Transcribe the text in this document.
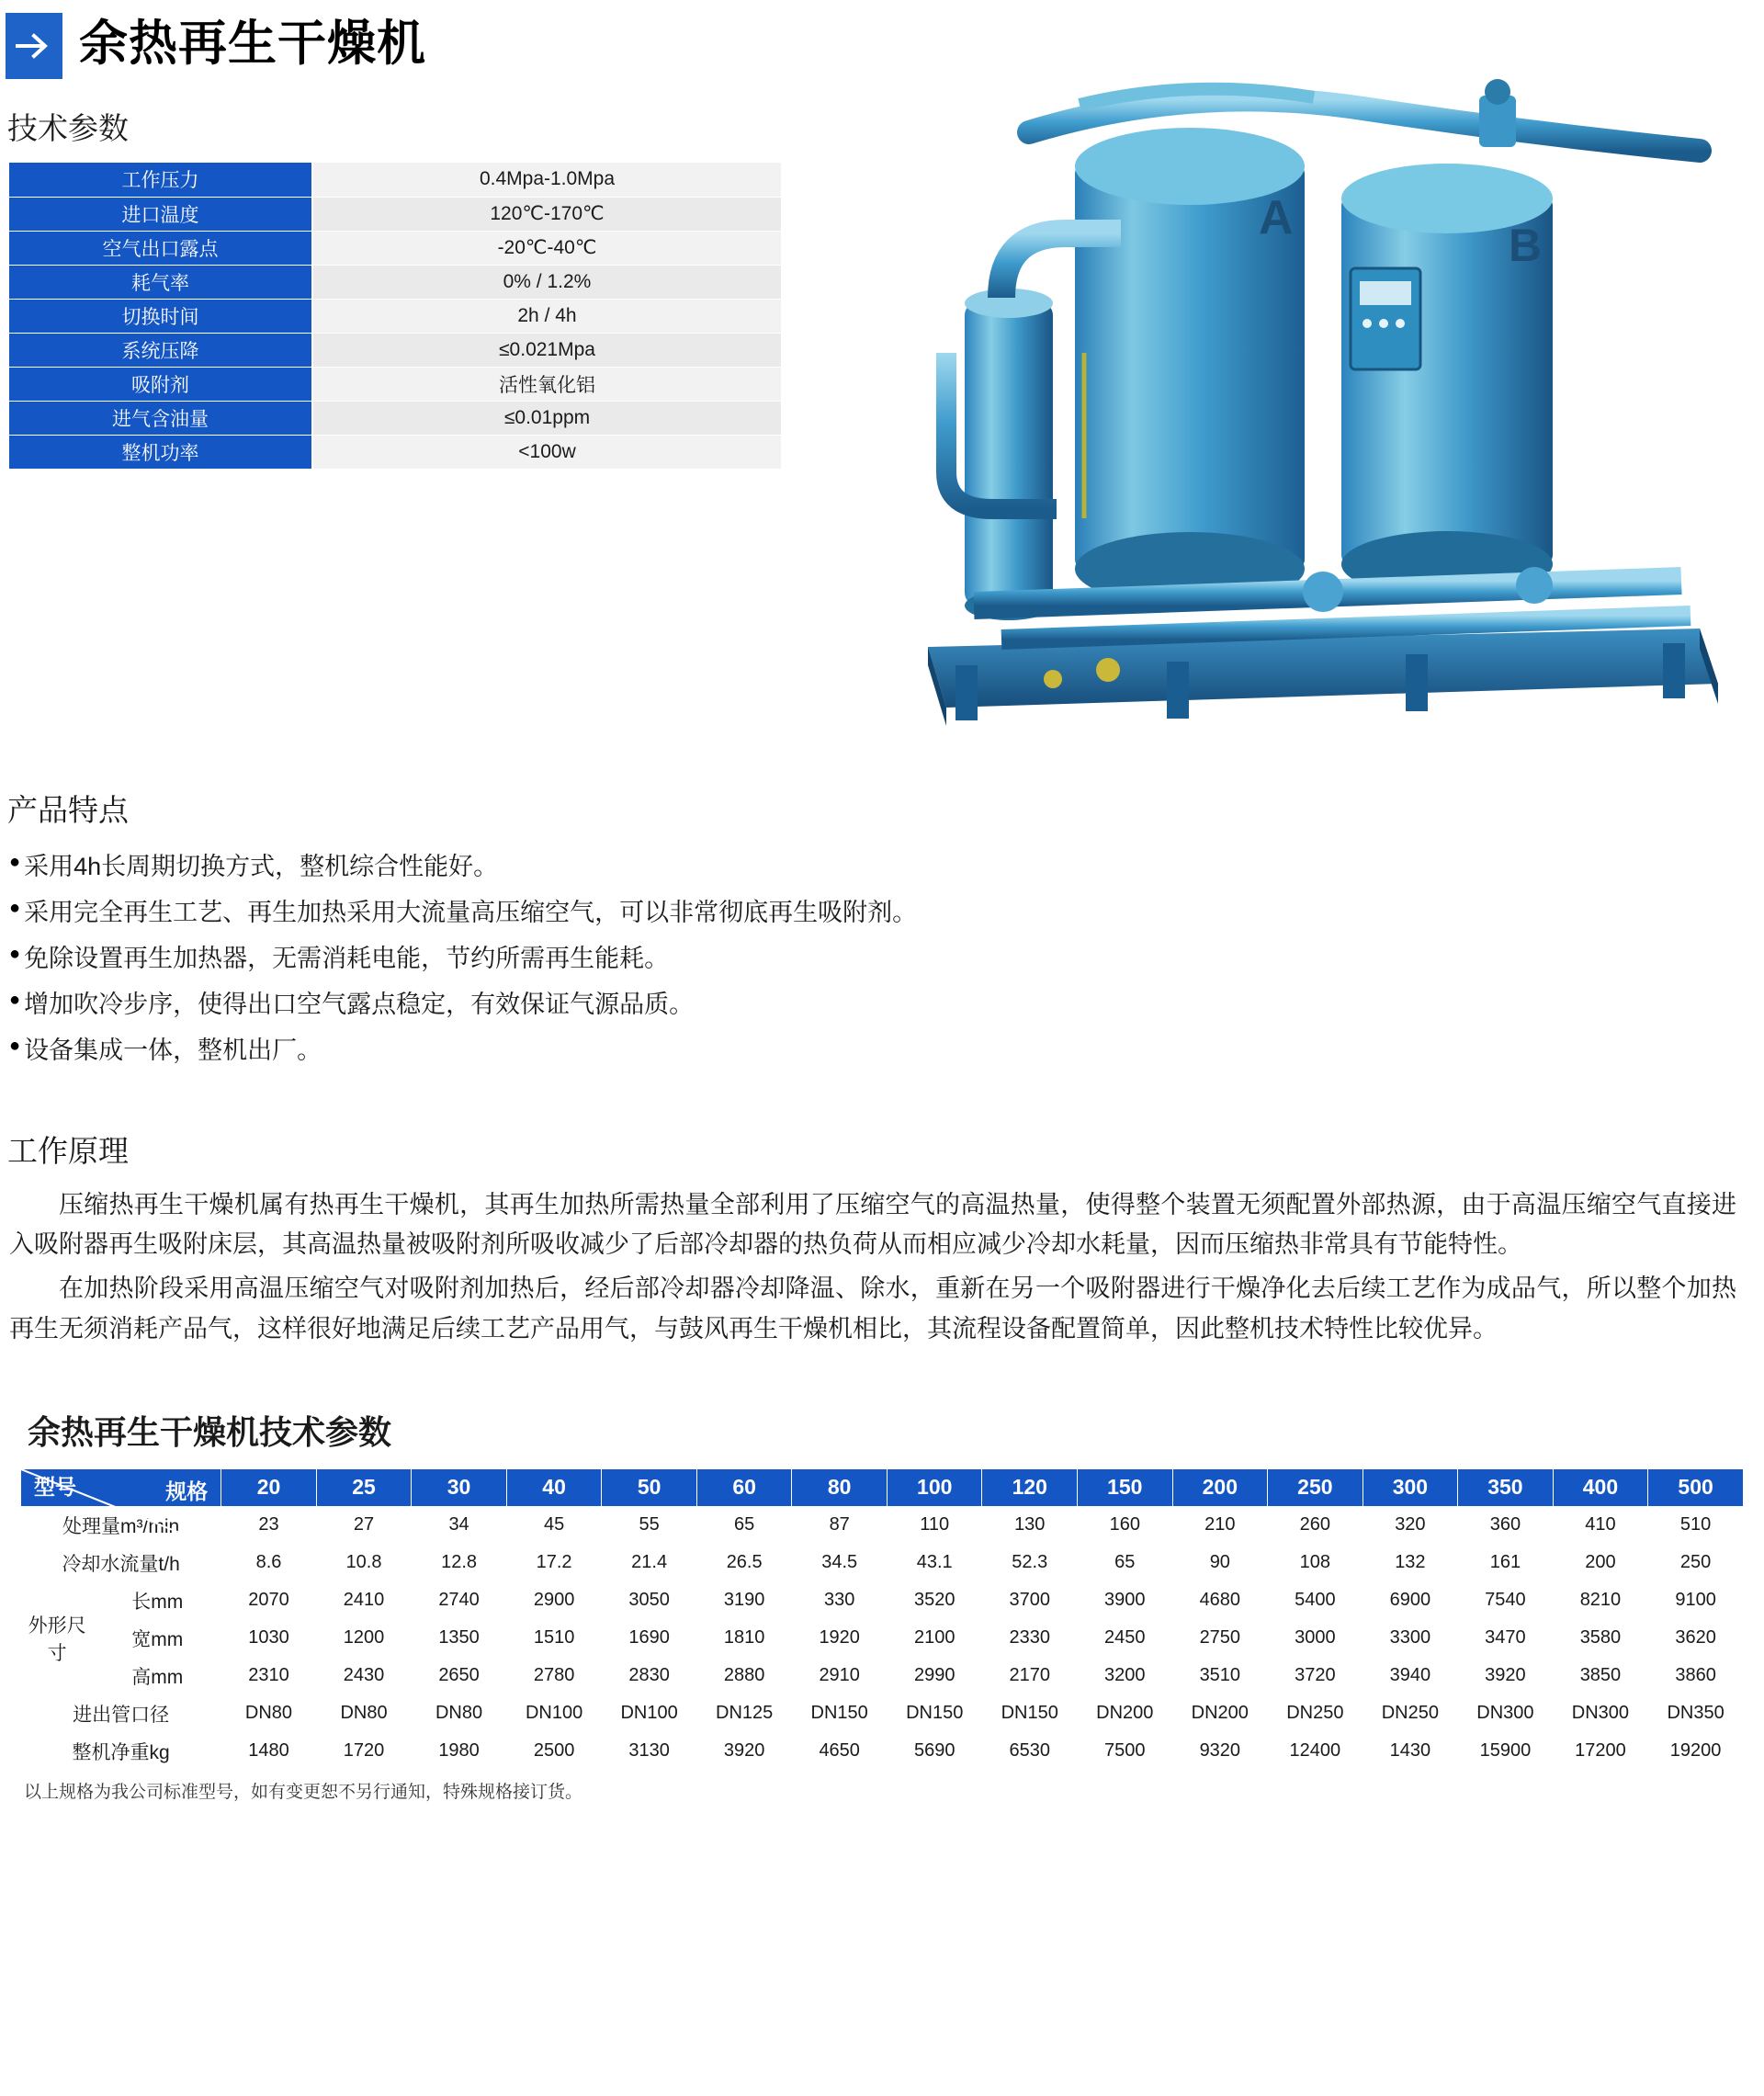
余热再生干燥机
技术参数
工作压力	0.4Mpa-1.0Mpa
进口温度	120℃-170℃
空气出口露点	-20℃-40℃
耗气率	0% / 1.2%
切换时间	2h / 4h
系统压降	≤0.021Mpa
吸附剂	活性氧化铝
进气含油量	≤0.01ppm
整机功率	<100w
A
B
产品特点
● 采用4h长周期切换方式，整机综合性能好。
● 采用完全再生工艺、再生加热采用大流量高压缩空气，可以非常彻底再生吸附剂。
● 免除设置再生加热器，无需消耗电能，节约所需再生能耗。
● 增加吹冷步序，使得出口空气露点稳定，有效保证气源品质。
● 设备集成一体，整机出厂。
工作原理

压缩热再生干燥机属有热再生干燥机，其再生加热所需热量全部利用了压缩空气的高温热量，使得整个装置无须配置外部热源，由于高温压缩空气直接进入吸附器再生吸附床层，其高温热量被吸附剂所吸收减少了后部冷却器的热负荷从而相应减少冷却水耗量，因而压缩热非常具有节能特性。

在加热阶段采用高温压缩空气对吸附剂加热后，经后部冷却器冷却降温、除水，重新在另一个吸附器进行干燥净化去后续工艺作为成品气，所以整个加热再生无须消耗产品气，这样很好地满足后续工艺产品用气，与鼓风再生干燥机相比，其流程设备配置简单，因此整机技术特性比较优异。

余热再生干燥机技术参数
规格
型号		20	25	30	40	50	60	80	100	120	150	200	250	300	350	400	500
处理量m³/min		23	27	34	45	55	65	87	110	130	160	210	260	320	360	410	510
冷却水流量t/h		8.6	10.8	12.8	17.2	21.4	26.5	34.5	43.1	52.3	65	90	108	132	161	200	250
外形尺寸	长mm	2070	2410	2740	2900	3050	3190	330	3520	3700	3900	4680	5400	6900	7540	8210	9100
	宽mm	1030	1200	1350	1510	1690	1810	1920	2100	2330	2450	2750	3000	3300	3470	3580	3620
	高mm	2310	2430	2650	2780	2830	2880	2910	2990	2170	3200	3510	3720	3940	3920	3850	3860
进出管口径		DN80	DN80	DN80	DN100	DN100	DN125	DN150	DN150	DN150	DN200	DN200	DN250	DN250	DN300	DN300	DN350
整机净重kg		1480	1720	1980	2500	3130	3920	4650	5690	6530	7500	9320	12400	1430	15900	17200	19200
以上规格为我公司标准型号，如有变更恕不另行通知，特殊规格接订货。
